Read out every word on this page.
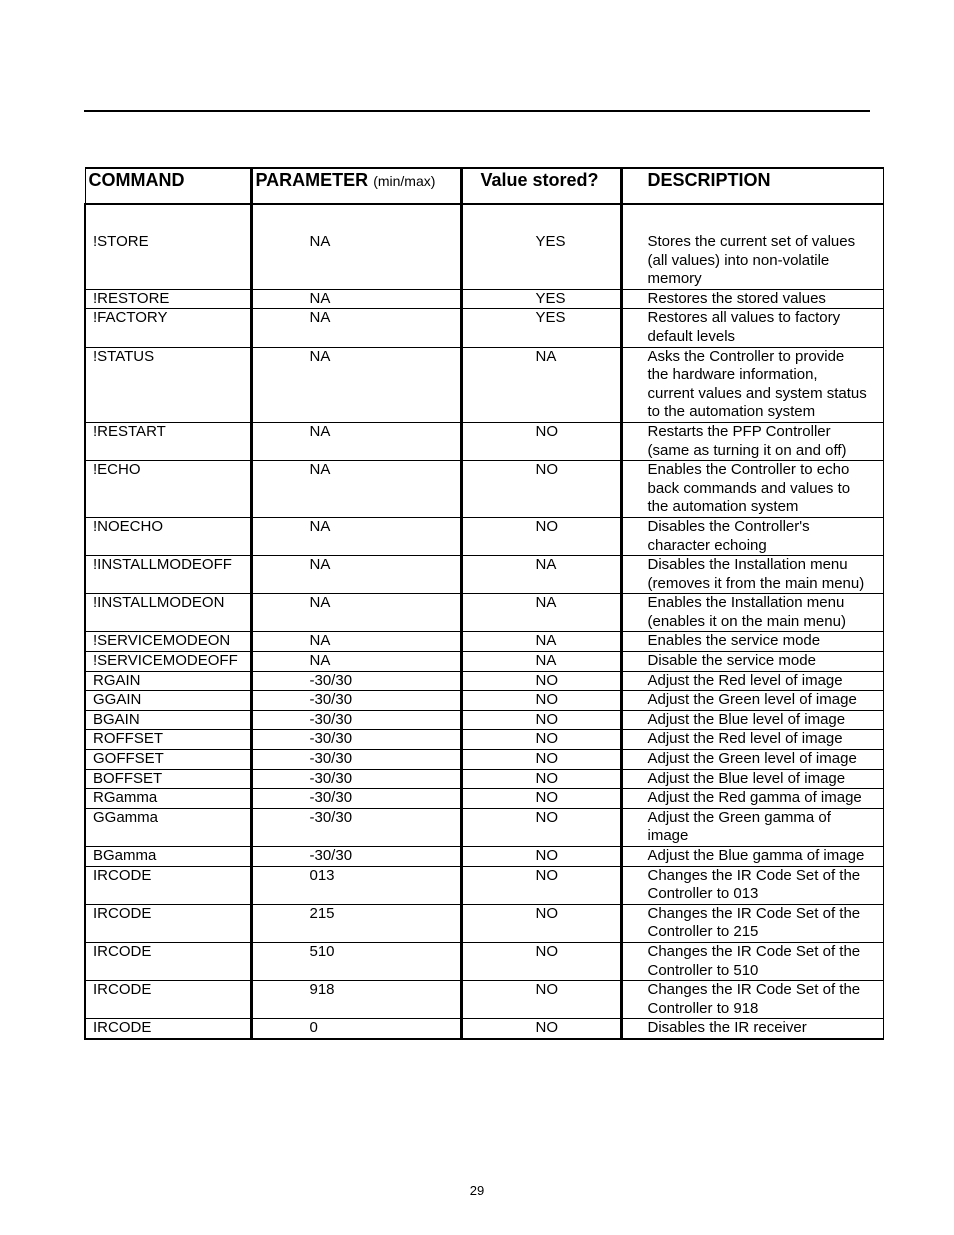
COMMAND	PARAMETER (min/max)	Value stored?	DESCRIPTION
!STORE	NA	YES	Stores the current set of values
(all values) into non-volatile
memory

!RESTORE	NA	YES	Restores the stored values

!FACTORY	NA	YES	Restores all values to factory
default levels

!STATUS	NA	NA	Asks the Controller to provide
the hardware information,
current values and system status
to the automation system

!RESTART	NA	NO	Restarts the PFP Controller
(same as turning it on and off)

!ECHO	NA	NO	Enables the Controller to echo
back commands and values to
the automation system

!NOECHO	NA	NO	Disables the Controller's
character echoing

!INSTALLMODEOFF	NA	NA	Disables the Installation menu
(removes it from the main menu)

!INSTALLMODEON	NA	NA	Enables the Installation menu
(enables it on the main menu)

!SERVICEMODEON	NA	NA	Enables the service mode

!SERVICEMODEOFF	NA	NA	Disable the service mode

RGAIN	-30/30	NO	Adjust the Red level of image

GGAIN	-30/30	NO	Adjust the Green level of image

BGAIN	-30/30	NO	Adjust the Blue level of image

ROFFSET	-30/30	NO	Adjust the Red level of image

GOFFSET	-30/30	NO	Adjust the Green level of image

BOFFSET	-30/30	NO	Adjust the Blue level of image

RGamma	-30/30	NO	Adjust the Red gamma of image

GGamma	-30/30	NO	Adjust the Green gamma of
image

BGamma	-30/30	NO	Adjust the Blue gamma of image

IRCODE	013	NO	Changes the IR Code Set of the
Controller to 013

IRCODE	215	NO	Changes the IR Code Set of the
Controller to 215

IRCODE	510	NO	Changes the IR Code Set of the
Controller to 510

IRCODE	918	NO	Changes the IR Code Set of the
Controller to 918

IRCODE	0	NO	Disables the IR receiver
29
